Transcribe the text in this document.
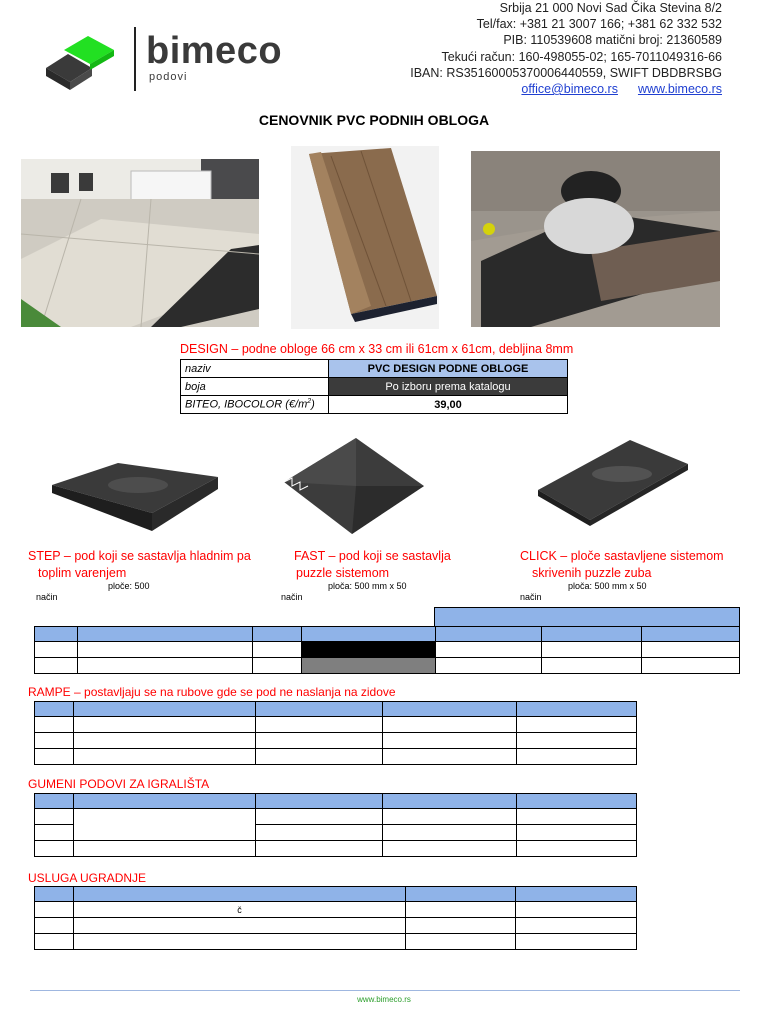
bimeco
podovi
Srbija 21 000 Novi Sad Čika Stevina 8/2
Tel/fax: +381 21 3007 166; +381 62 332 532
PIB: 110539608 matični broj: 21360589
Tekući račun: 160-498055-02; 165-7011049316-66
IBAN: RS35160005370006440559, SWIFT DBDBRSBG
office@bimeco.rs www.bimeco.rs
CENOVNIK PVC PODNIH OBLOGA
DESIGN – podne obloge 66 cm x 33 cm ili 61cm x 61cm, debljina 8mm
naziv	PVC DESIGN PODNE OBLOGE
boja	Po izboru prema katalogu
BITEO, IBOCOLOR $(€/m^2)$	39,00
STEP – pod koji se sastavlja hladnim pa
toplim varenjem
ploče: 500
način
FAST – pod koji se sastavlja
puzzle sistemom
ploča: 500 mm x 50
način
CLICK – ploče sastavljene sistemom
skrivenih puzzle zuba
ploča: 500 mm x 50
način

RAMPE – postavljaju se na rubove gde se pod ne naslanja na zidove

GUMENI PODOVI ZA IGRALIŠTA

USLUGA UGRADNJE

	č		

www.bimeco.rs
